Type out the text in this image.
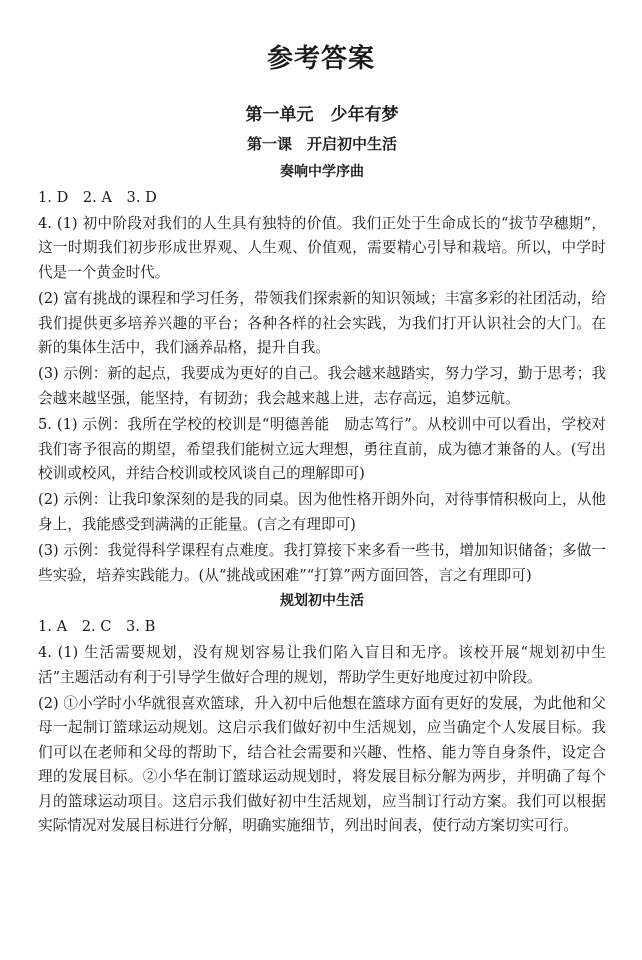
参考答案
第一单元　少年有梦
第一课　开启初中生活
奏响中学序曲
1. D　2. A　3. D
4. (1) 初中阶段对我们的人生具有独特的价值。我们正处于生命成长的“拔节孕穗期”，这一时期我们初步形成世界观、人生观、价值观，需要精心引导和栽培。所以，中学时代是一个黄金时代。
(2) 富有挑战的课程和学习任务，带领我们探索新的知识领域；丰富多彩的社团活动，给我们提供更多培养兴趣的平台；各种各样的社会实践，为我们打开认识社会的大门。在新的集体生活中，我们涵养品格，提升自我。
(3) 示例：新的起点，我要成为更好的自己。我会越来越踏实，努力学习，勤于思考；我会越来越坚强，能坚持，有韧劲；我会越来越上进，志存高远，追梦远航。
5. (1) 示例：我所在学校的校训是“明德善能　励志笃行”。从校训中可以看出，学校对我们寄予很高的期望，希望我们能树立远大理想，勇往直前，成为德才兼备的人。(写出校训或校风，并结合校训或校风谈自己的理解即可)
(2) 示例：让我印象深刻的是我的同桌。因为他性格开朗外向，对待事情积极向上，从他身上，我能感受到满满的正能量。(言之有理即可)
(3) 示例：我觉得科学课程有点难度。我打算接下来多看一些书，增加知识储备；多做一些实验，培养实践能力。(从“挑战或困难”“打算”两方面回答，言之有理即可)
规划初中生活
1. A　2. C　3. B
4. (1) 生活需要规划，没有规划容易让我们陷入盲目和无序。该校开展“规划初中生活”主题活动有利于引导学生做好合理的规划，帮助学生更好地度过初中阶段。
(2) ①小学时小华就很喜欢篮球，升入初中后他想在篮球方面有更好的发展，为此他和父母一起制订篮球运动规划。这启示我们做好初中生活规划，应当确定个人发展目标。我们可以在老师和父母的帮助下，结合社会需要和兴趣、性格、能力等自身条件，设定合理的发展目标。②小华在制订篮球运动规划时，将发展目标分解为两步，并明确了每个月的篮球运动项目。这启示我们做好初中生活规划，应当制订行动方案。我们可以根据实际情况对发展目标进行分解，明确实施细节，列出时间表，使行动方案切实可行。
